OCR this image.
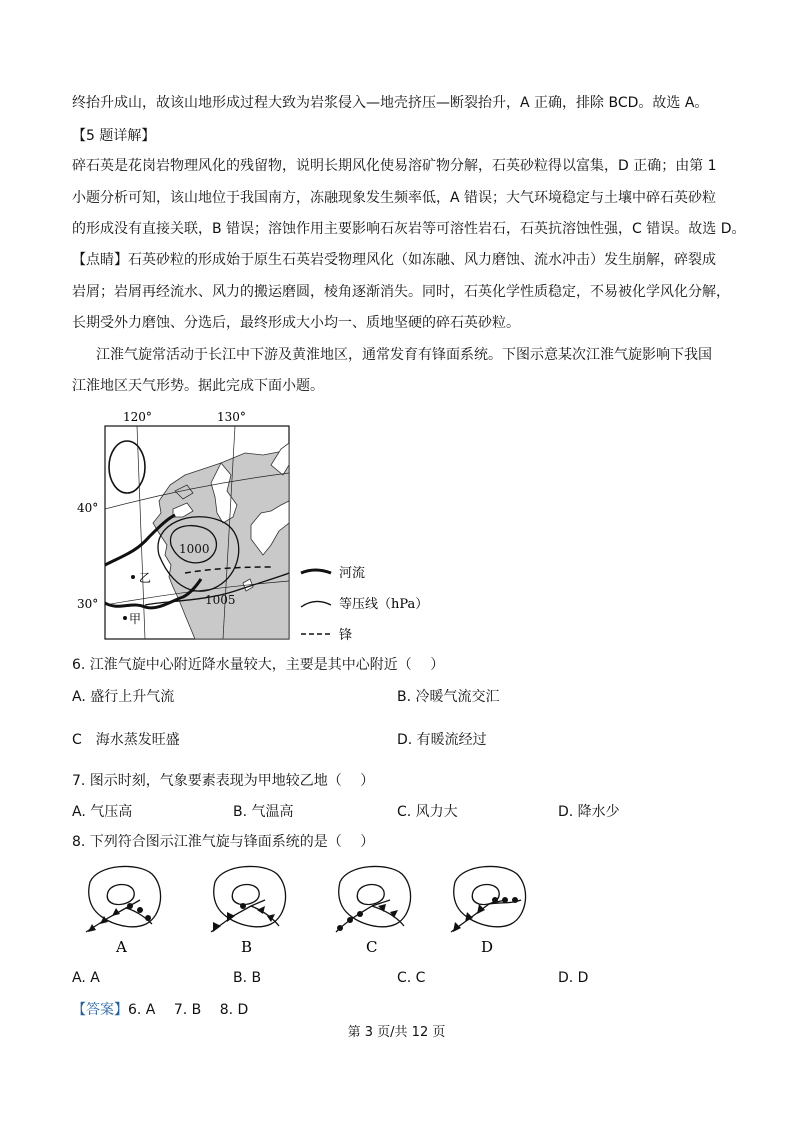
终抬升成山，故该山地形成过程大致为岩浆侵入—地壳挤压—断裂抬升，A 正确，排除 BCD。故选 A。
【5 题详解】
碎石英是花岗岩物理风化的残留物，说明长期风化使易溶矿物分解，石英砂粒得以富集，D 正确；由第 1
小题分析可知，该山地位于我国南方，冻融现象发生频率低，A 错误；大气环境稳定与土壤中碎石英砂粒
的形成没有直接关联，B 错误；溶蚀作用主要影响石灰岩等可溶性岩石，石英抗溶蚀性强，C 错误。故选 D。
【点睛】石英砂粒的形成始于原生石英岩受物理风化（如冻融、风力磨蚀、流水冲击）发生崩解，碎裂成
岩屑；岩屑再经流水、风力的搬运磨圆，棱角逐渐消失。同时，石英化学性质稳定，不易被化学风化分解，
长期受外力磨蚀、分选后，最终形成大小均一、质地坚硬的碎石英砂粒。
江淮气旋常活动于长江中下游及黄淮地区，通常发育有锋面系统。下图示意某次江淮气旋影响下我国
江淮地区天气形势。据此完成下面小题。
120°	130°
1000
1005
乙
甲
40°
30°
河流
等压线（hPa）
锋
6. 江淮气旋中心附近降水量较大，主要是其中心附近（　 ）
A. 盛行上升气流	B. 冷暖气流交汇
C　海水蒸发旺盛	D. 有暖流经过
7. 图示时刻，气象要素表现为甲地较乙地（　 ）
A. 气压高	B. 气温高	C. 风力大	D. 降水少
8. 下列符合图示江淮气旋与锋面系统的是（　 ）
A	B	C	D
A. A	B. B	C. C	D. D
【答案】6. A　 7. B　 8. D
第 3 页/共 12 页
